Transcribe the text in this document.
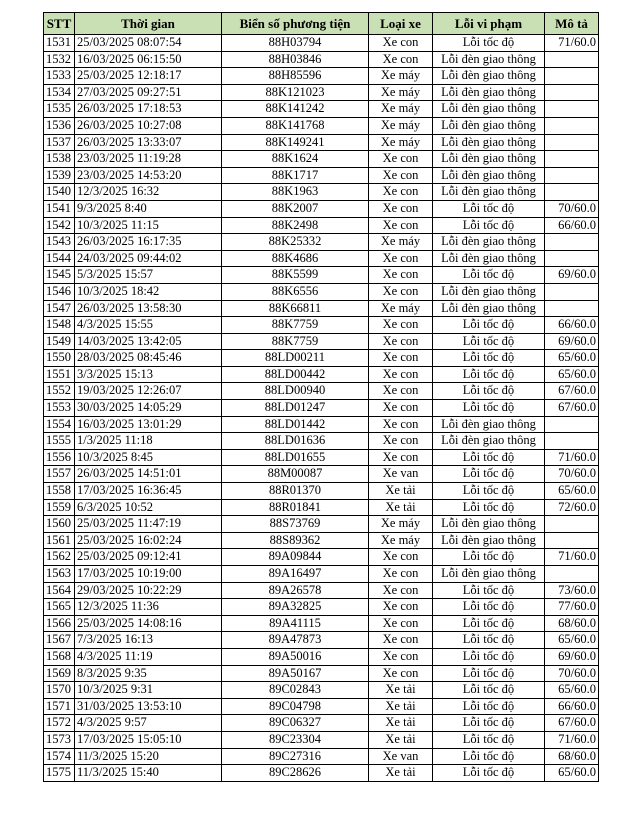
STT	Thời gian	Biển số phương tiện	Loại xe	Lỗi vi phạm	Mô tả
1531	25/03/2025 08:07:54	88H03794	Xe con	Lỗi tốc độ	71/60.0
1532	16/03/2025 06:15:50	88H03846	Xe con	Lỗi đèn giao thông	
1533	25/03/2025 12:18:17	88H85596	Xe máy	Lỗi đèn giao thông	
1534	27/03/2025 09:27:51	88K121023	Xe máy	Lỗi đèn giao thông	
1535	26/03/2025 17:18:53	88K141242	Xe máy	Lỗi đèn giao thông	
1536	26/03/2025 10:27:08	88K141768	Xe máy	Lỗi đèn giao thông	
1537	26/03/2025 13:33:07	88K149241	Xe máy	Lỗi đèn giao thông	
1538	23/03/2025 11:19:28	88K1624	Xe con	Lỗi đèn giao thông	
1539	23/03/2025 14:53:20	88K1717	Xe con	Lỗi đèn giao thông	
1540	12/3/2025 16:32	88K1963	Xe con	Lỗi đèn giao thông	
1541	9/3/2025 8:40	88K2007	Xe con	Lỗi tốc độ	70/60.0
1542	10/3/2025 11:15	88K2498	Xe con	Lỗi tốc độ	66/60.0
1543	26/03/2025 16:17:35	88K25332	Xe máy	Lỗi đèn giao thông	
1544	24/03/2025 09:44:02	88K4686	Xe con	Lỗi đèn giao thông	
1545	5/3/2025 15:57	88K5599	Xe con	Lỗi tốc độ	69/60.0
1546	10/3/2025 18:42	88K6556	Xe con	Lỗi đèn giao thông	
1547	26/03/2025 13:58:30	88K66811	Xe máy	Lỗi đèn giao thông	
1548	4/3/2025 15:55	88K7759	Xe con	Lỗi tốc độ	66/60.0
1549	14/03/2025 13:42:05	88K7759	Xe con	Lỗi tốc độ	69/60.0
1550	28/03/2025 08:45:46	88LD00211	Xe con	Lỗi tốc độ	65/60.0
1551	3/3/2025 15:13	88LD00442	Xe con	Lỗi tốc độ	65/60.0
1552	19/03/2025 12:26:07	88LD00940	Xe con	Lỗi tốc độ	67/60.0
1553	30/03/2025 14:05:29	88LD01247	Xe con	Lỗi tốc độ	67/60.0
1554	16/03/2025 13:01:29	88LD01442	Xe con	Lỗi đèn giao thông	
1555	1/3/2025 11:18	88LD01636	Xe con	Lỗi đèn giao thông	
1556	10/3/2025 8:45	88LD01655	Xe con	Lỗi tốc độ	71/60.0
1557	26/03/2025 14:51:01	88M00087	Xe van	Lỗi tốc độ	70/60.0
1558	17/03/2025 16:36:45	88R01370	Xe tải	Lỗi tốc độ	65/60.0
1559	6/3/2025 10:52	88R01841	Xe tải	Lỗi tốc độ	72/60.0
1560	25/03/2025 11:47:19	88S73769	Xe máy	Lỗi đèn giao thông	
1561	25/03/2025 16:02:24	88S89362	Xe máy	Lỗi đèn giao thông	
1562	25/03/2025 09:12:41	89A09844	Xe con	Lỗi tốc độ	71/60.0
1563	17/03/2025 10:19:00	89A16497	Xe con	Lỗi đèn giao thông	
1564	29/03/2025 10:22:29	89A26578	Xe con	Lỗi tốc độ	73/60.0
1565	12/3/2025 11:36	89A32825	Xe con	Lỗi tốc độ	77/60.0
1566	25/03/2025 14:08:16	89A41115	Xe con	Lỗi tốc độ	68/60.0
1567	7/3/2025 16:13	89A47873	Xe con	Lỗi tốc độ	65/60.0
1568	4/3/2025 11:19	89A50016	Xe con	Lỗi tốc độ	69/60.0
1569	8/3/2025 9:35	89A50167	Xe con	Lỗi tốc độ	70/60.0
1570	10/3/2025 9:31	89C02843	Xe tải	Lỗi tốc độ	65/60.0
1571	31/03/2025 13:53:10	89C04798	Xe tải	Lỗi tốc độ	66/60.0
1572	4/3/2025 9:57	89C06327	Xe tải	Lỗi tốc độ	67/60.0
1573	17/03/2025 15:05:10	89C23304	Xe tải	Lỗi tốc độ	71/60.0
1574	11/3/2025 15:20	89C27316	Xe van	Lỗi tốc độ	68/60.0
1575	11/3/2025 15:40	89C28626	Xe tải	Lỗi tốc độ	65/60.0
